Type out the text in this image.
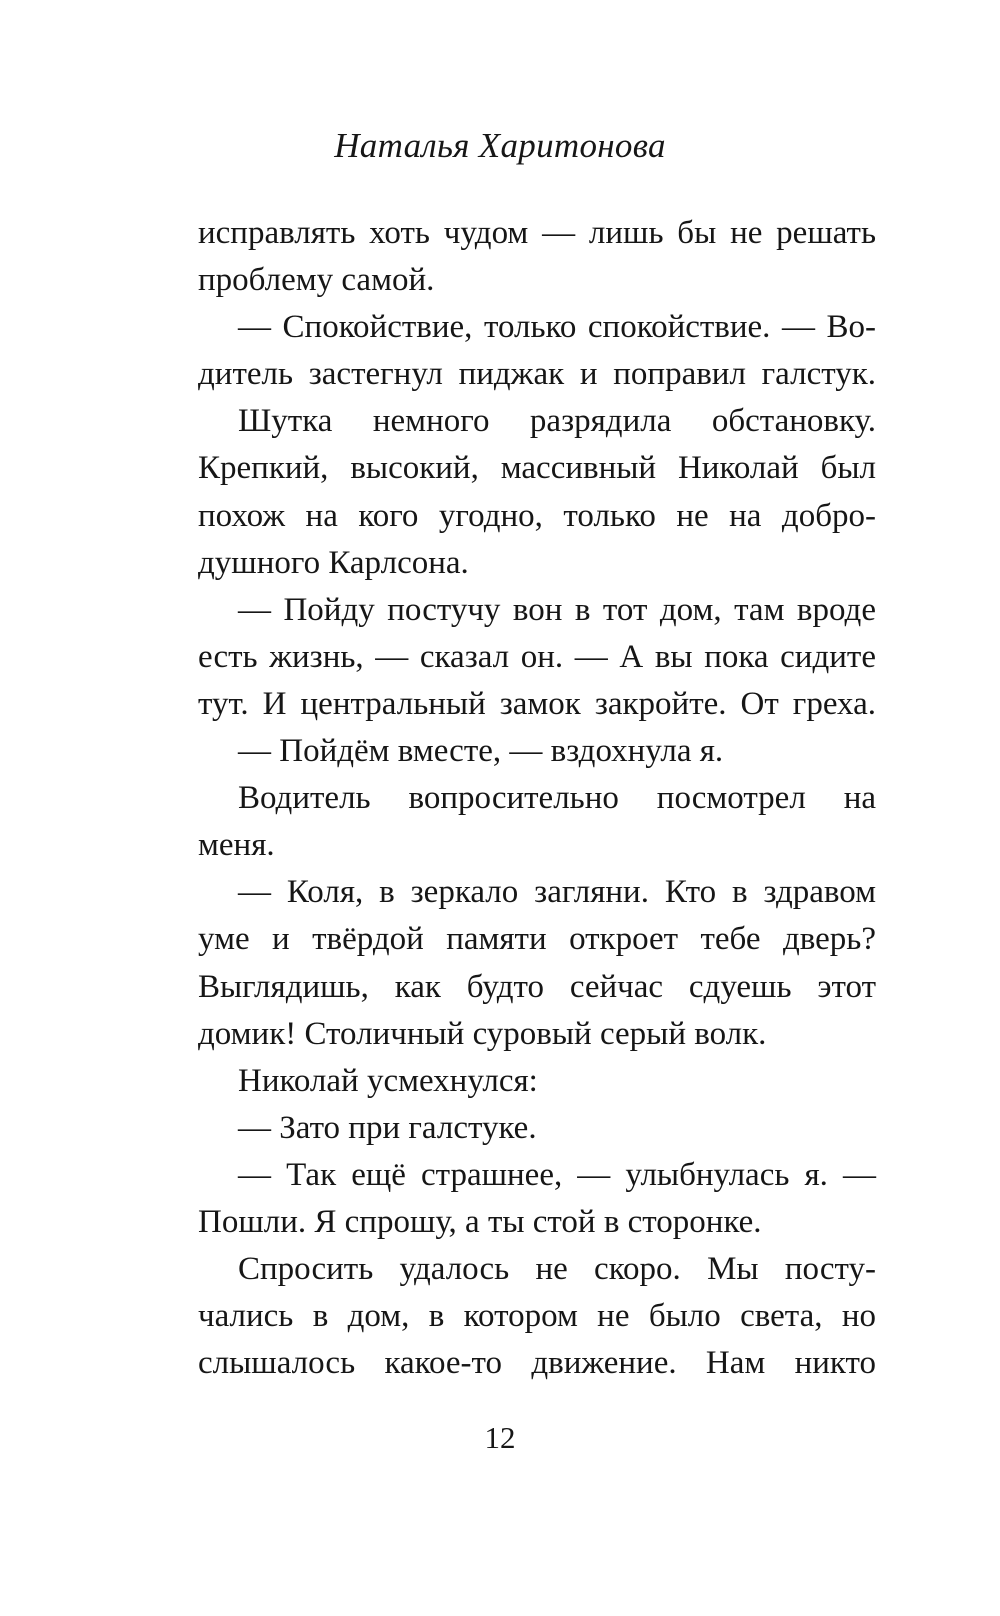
Наталья Харитонова
исправлять хоть чудом — лишь бы не решать
проблему самой.
— Спокойствие, только спокойствие. — Во-
дитель застегнул пиджак и поправил галстук.
Шутка немного разрядила обстановку.
Крепкий, высокий, массивный Николай был
похож на кого угодно, только не на добро-
душного Карлсона.
— Пойду постучу вон в тот дом, там вроде
есть жизнь, — сказал он. — А вы пока сидите
тут. И центральный замок закройте. От греха.
— Пойдём вместе, — вздохнула я.
Водитель вопросительно посмотрел на
меня.
— Коля, в зеркало загляни. Кто в здравом
уме и твёрдой памяти откроет тебе дверь?
Выглядишь, как будто сейчас сдуешь этот
домик! Столичный суровый серый волк.
Николай усмехнулся:
— Зато при галстуке.
— Так ещё страшнее, — улыбнулась я. —
Пошли. Я спрошу, а ты стой в сторонке.
Спросить удалось не скоро. Мы посту-
чались в дом, в котором не было света, но
слышалось какое-то движение. Нам никто
12
